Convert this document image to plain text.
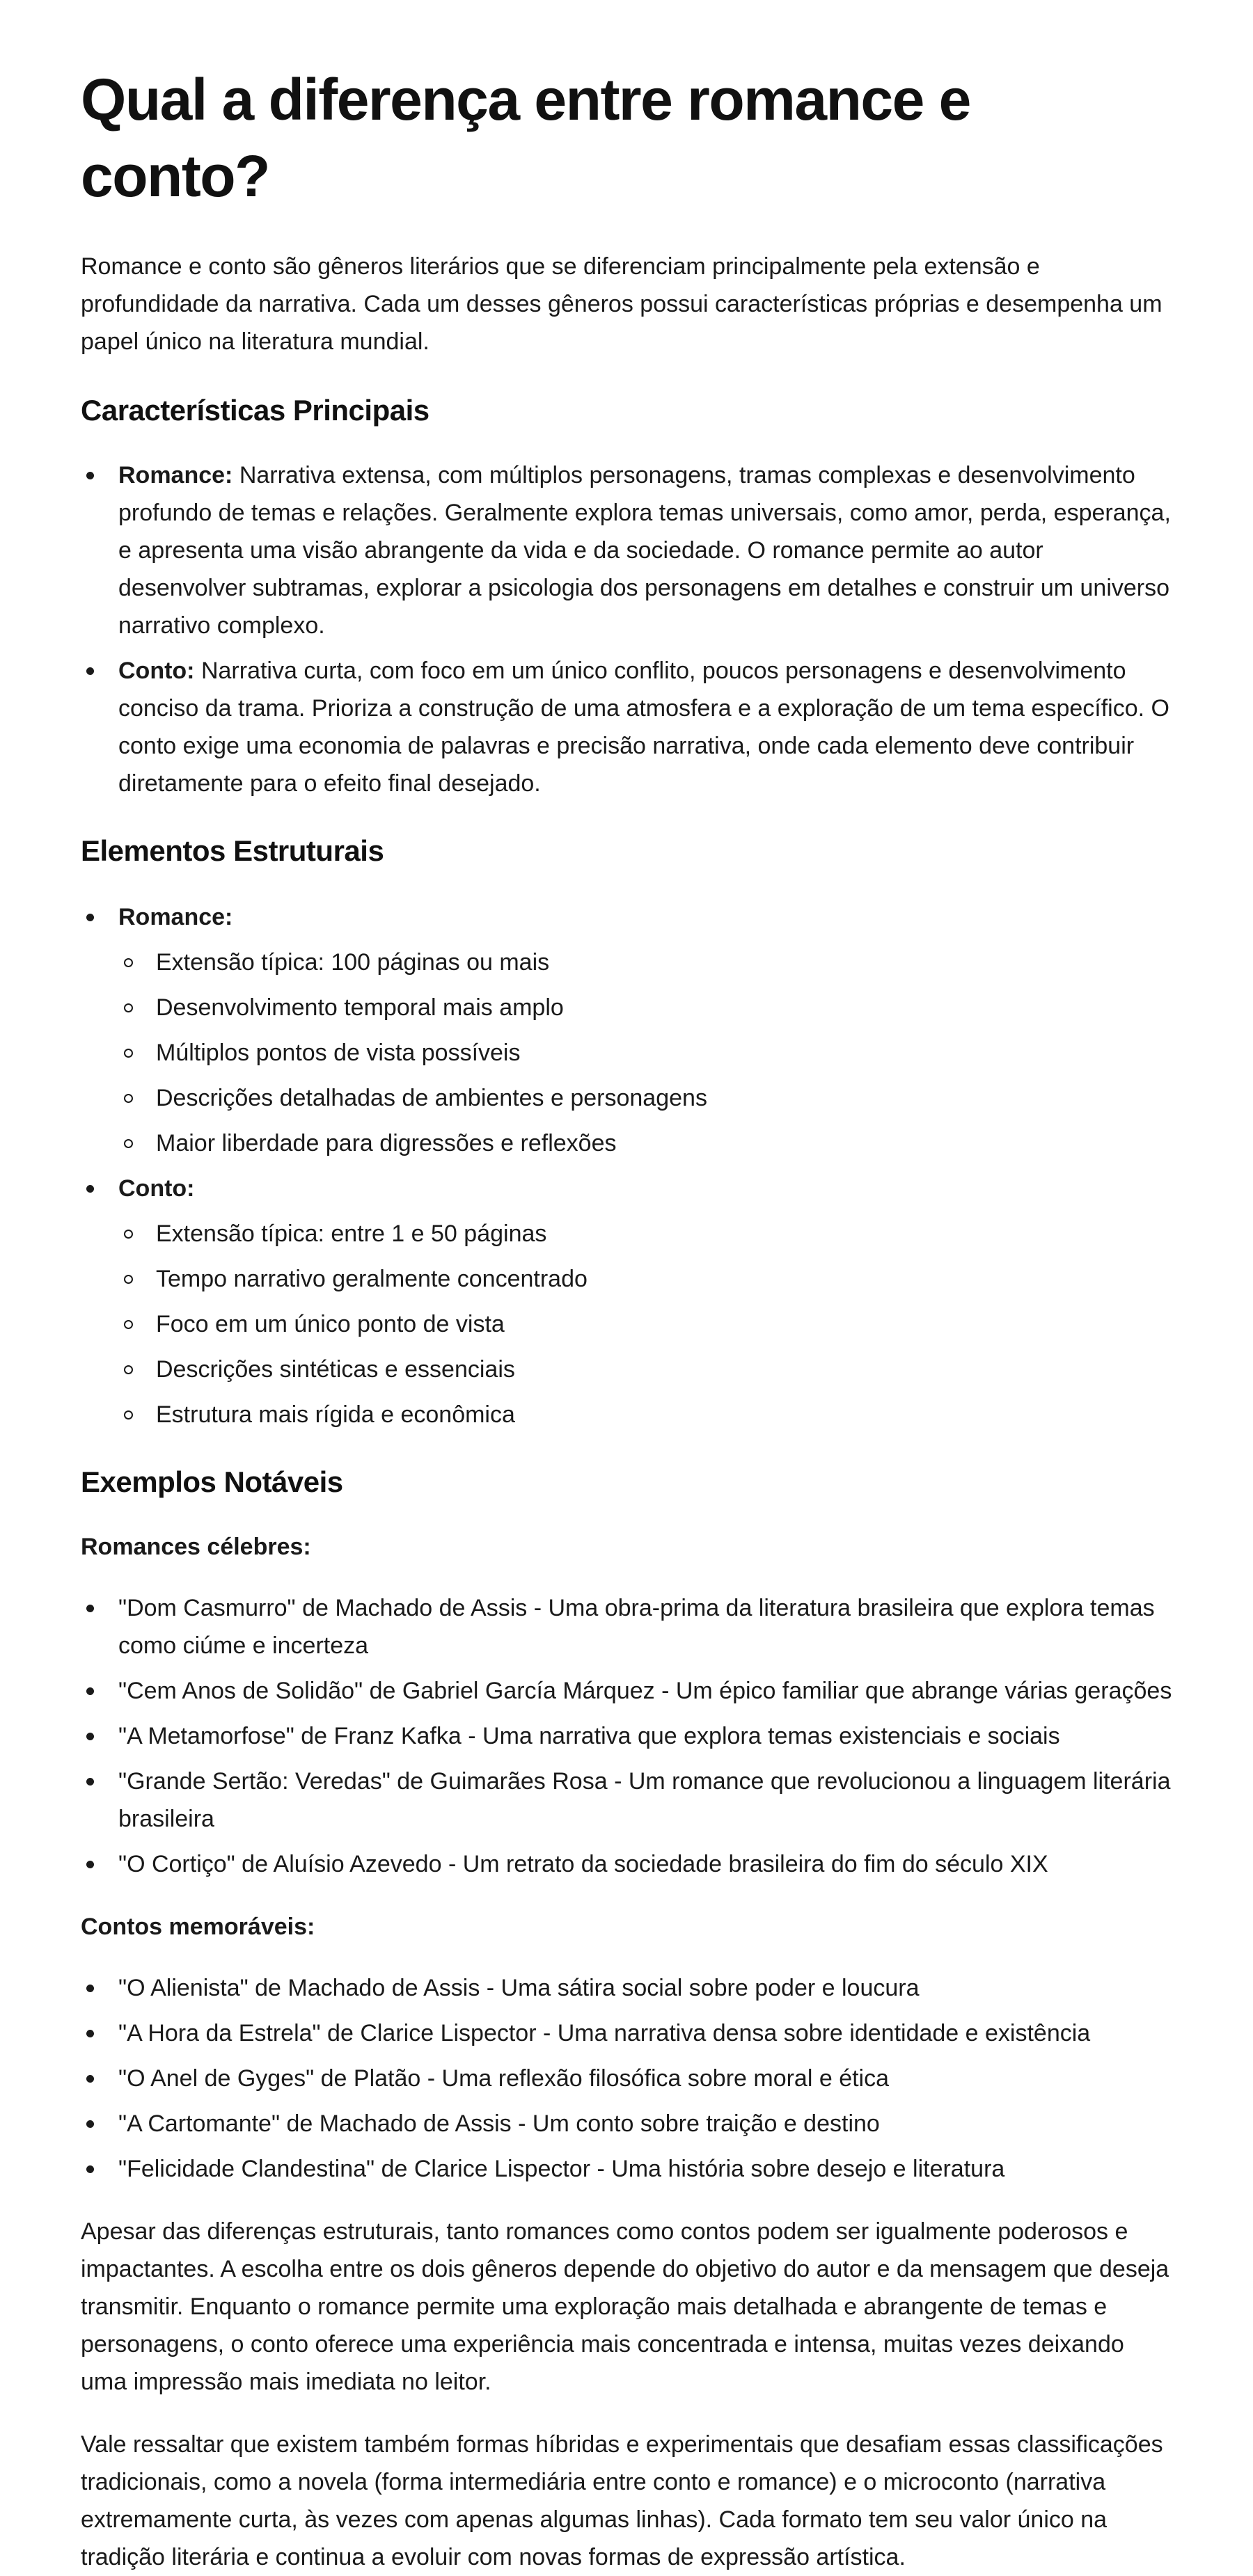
Qual a diferença entre romance e conto?

Romance e conto são gêneros literários que se diferenciam principalmente pela extensão e profundidade da narrativa. Cada um desses gêneros possui características próprias e desempenha um papel único na literatura mundial.

Características Principais
Romance: Narrativa extensa, com múltiplos personagens, tramas complexas e desenvolvimento profundo de temas e relações. Geralmente explora temas universais, como amor, perda, esperança, e apresenta uma visão abrangente da vida e da sociedade. O romance permite ao autor desenvolver subtramas, explorar a psicologia dos personagens em detalhes e construir um universo narrativo complexo.
Conto: Narrativa curta, com foco em um único conflito, poucos personagens e desenvolvimento conciso da trama. Prioriza a construção de uma atmosfera e a exploração de um tema específico. O conto exige uma economia de palavras e precisão narrativa, onde cada elemento deve contribuir diretamente para o efeito final desejado.
Elementos Estruturais
Romance:
Extensão típica: 100 páginas ou mais
Desenvolvimento temporal mais amplo
Múltiplos pontos de vista possíveis
Descrições detalhadas de ambientes e personagens
Maior liberdade para digressões e reflexões
Conto:
Extensão típica: entre 1 e 50 páginas
Tempo narrativo geralmente concentrado
Foco em um único ponto de vista
Descrições sintéticas e essenciais
Estrutura mais rígida e econômica
Exemplos Notáveis
Romances célebres:
"Dom Casmurro" de Machado de Assis - Uma obra-prima da literatura brasileira que explora temas como ciúme e incerteza
"Cem Anos de Solidão" de Gabriel García Márquez - Um épico familiar que abrange várias gerações
"A Metamorfose" de Franz Kafka - Uma narrativa que explora temas existenciais e sociais
"Grande Sertão: Veredas" de Guimarães Rosa - Um romance que revolucionou a linguagem literária brasileira
"O Cortiço" de Aluísio Azevedo - Um retrato da sociedade brasileira do fim do século XIX
Contos memoráveis:
"O Alienista" de Machado de Assis - Uma sátira social sobre poder e loucura
"A Hora da Estrela" de Clarice Lispector - Uma narrativa densa sobre identidade e existência
"O Anel de Gyges" de Platão - Uma reflexão filosófica sobre moral e ética
"A Cartomante" de Machado de Assis - Um conto sobre traição e destino
"Felicidade Clandestina" de Clarice Lispector - Uma história sobre desejo e literatura

Apesar das diferenças estruturais, tanto romances como contos podem ser igualmente poderosos e impactantes. A escolha entre os dois gêneros depende do objetivo do autor e da mensagem que deseja transmitir. Enquanto o romance permite uma exploração mais detalhada e abrangente de temas e personagens, o conto oferece uma experiência mais concentrada e intensa, muitas vezes deixando uma impressão mais imediata no leitor.

Vale ressaltar que existem também formas híbridas e experimentais que desafiam essas classificações tradicionais, como a novela (forma intermediária entre conto e romance) e o microconto (narrativa extremamente curta, às vezes com apenas algumas linhas). Cada formato tem seu valor único na tradição literária e continua a evoluir com novas formas de expressão artística.
